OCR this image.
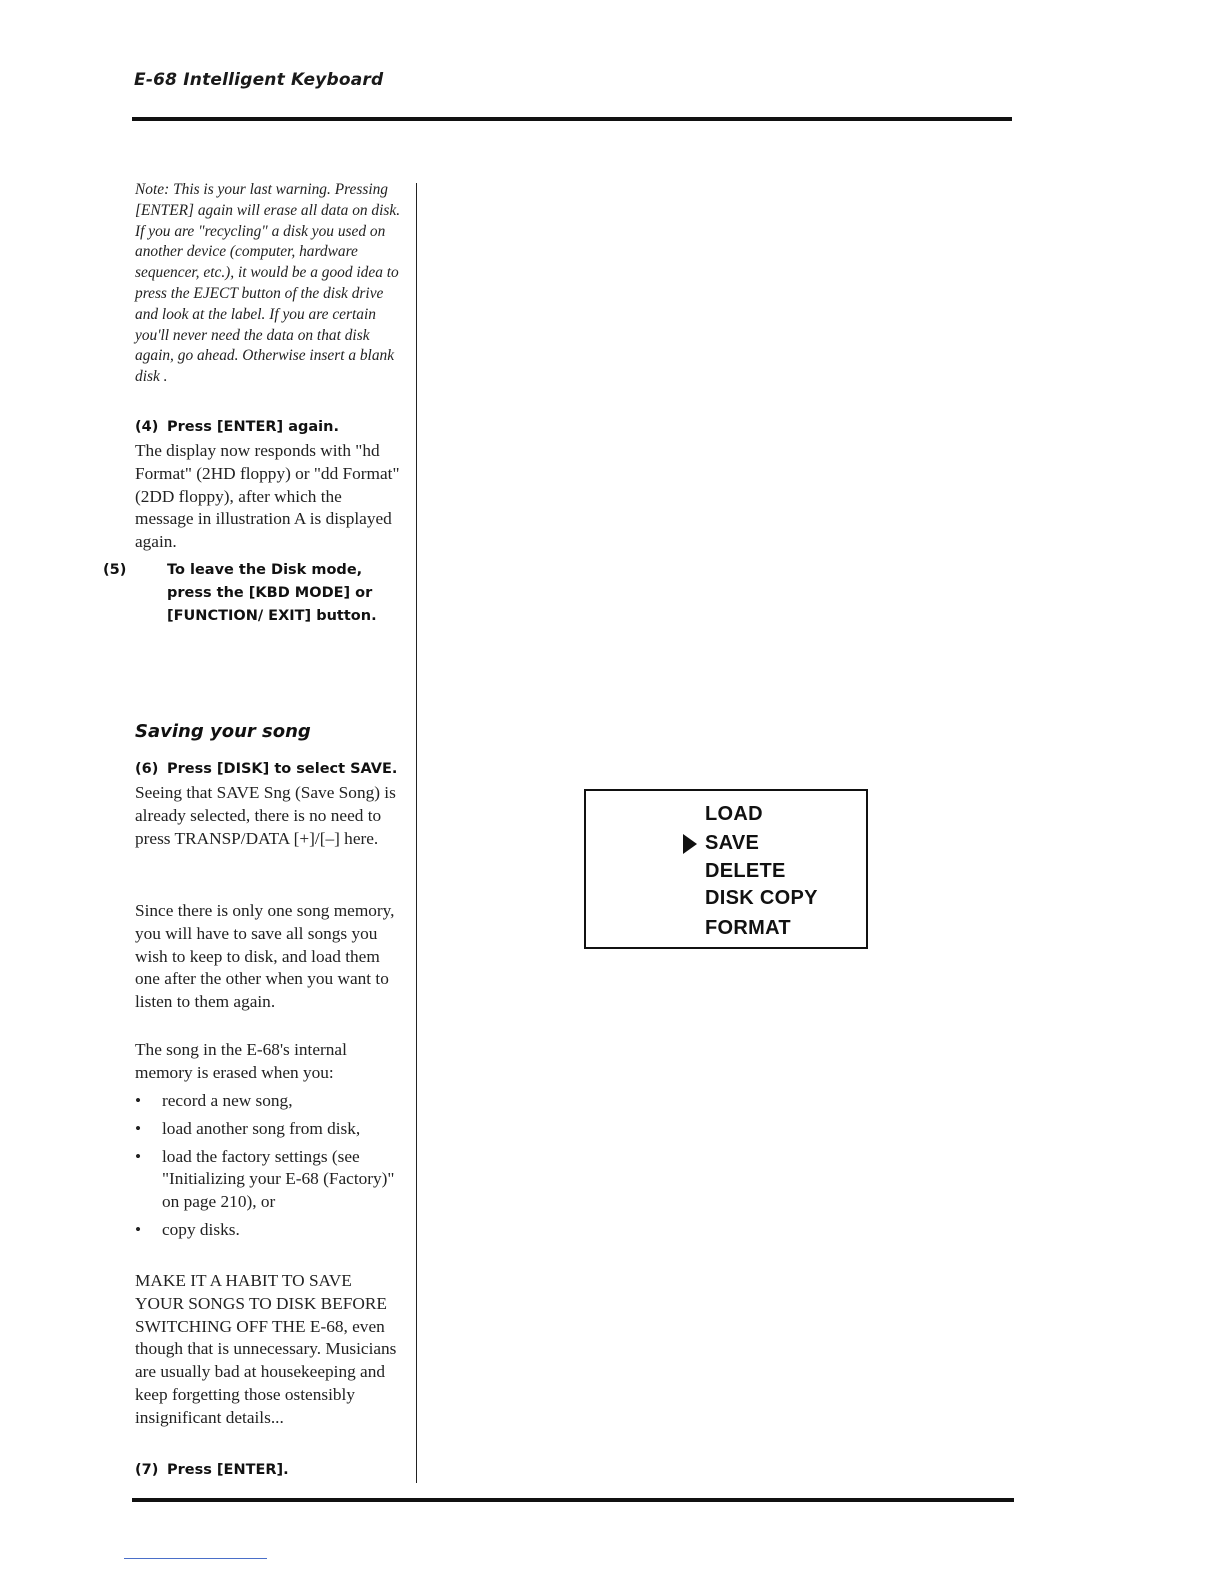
E-68 Intelligent Keyboard
Note: This is your last warning. Pressing [ENTER] again will erase all data on disk. If you are "recycling" a disk you used on another device (computer, hardware sequencer, etc.), it would be a good idea to press the EJECT button of the disk drive and look at the label. If you are certain you'll never need the data on that disk again, go ahead. Otherwise insert a blank disk .
(4) Press [ENTER] again.
The display now responds with "hd Format" (2HD floppy) or "dd Format" (2DD floppy), after which the message in illustration A is displayed again.
(5)	To leave the Disk mode, press the [KBD MODE] or [FUNCTION/ EXIT] button.
Saving your song
(6) Press [DISK] to select SAVE.
Seeing that SAVE Sng (Save Song) is already selected, there is no need to press TRANSP/DATA [+]/[–] here.
Since there is only one song memory, you will have to save all songs you wish to keep to disk, and load them one after the other when you want to listen to them again.
The song in the E-68's internal memory is erased when you:
• record a new song,
• load another song from disk,
• load the factory settings (see "Initializing your E-68 (Factory)" on page 210), or
• copy disks.
MAKE IT A HABIT TO SAVE YOUR SONGS TO DISK BEFORE SWITCHING OFF THE E-68, even though that is unnecessary. Musicians are usually bad at housekeeping and keep forgetting those ostensibly insignificant details...
(7) Press [ENTER].
LOAD
SAVE
DELETE
DISK COPY
FORMAT
